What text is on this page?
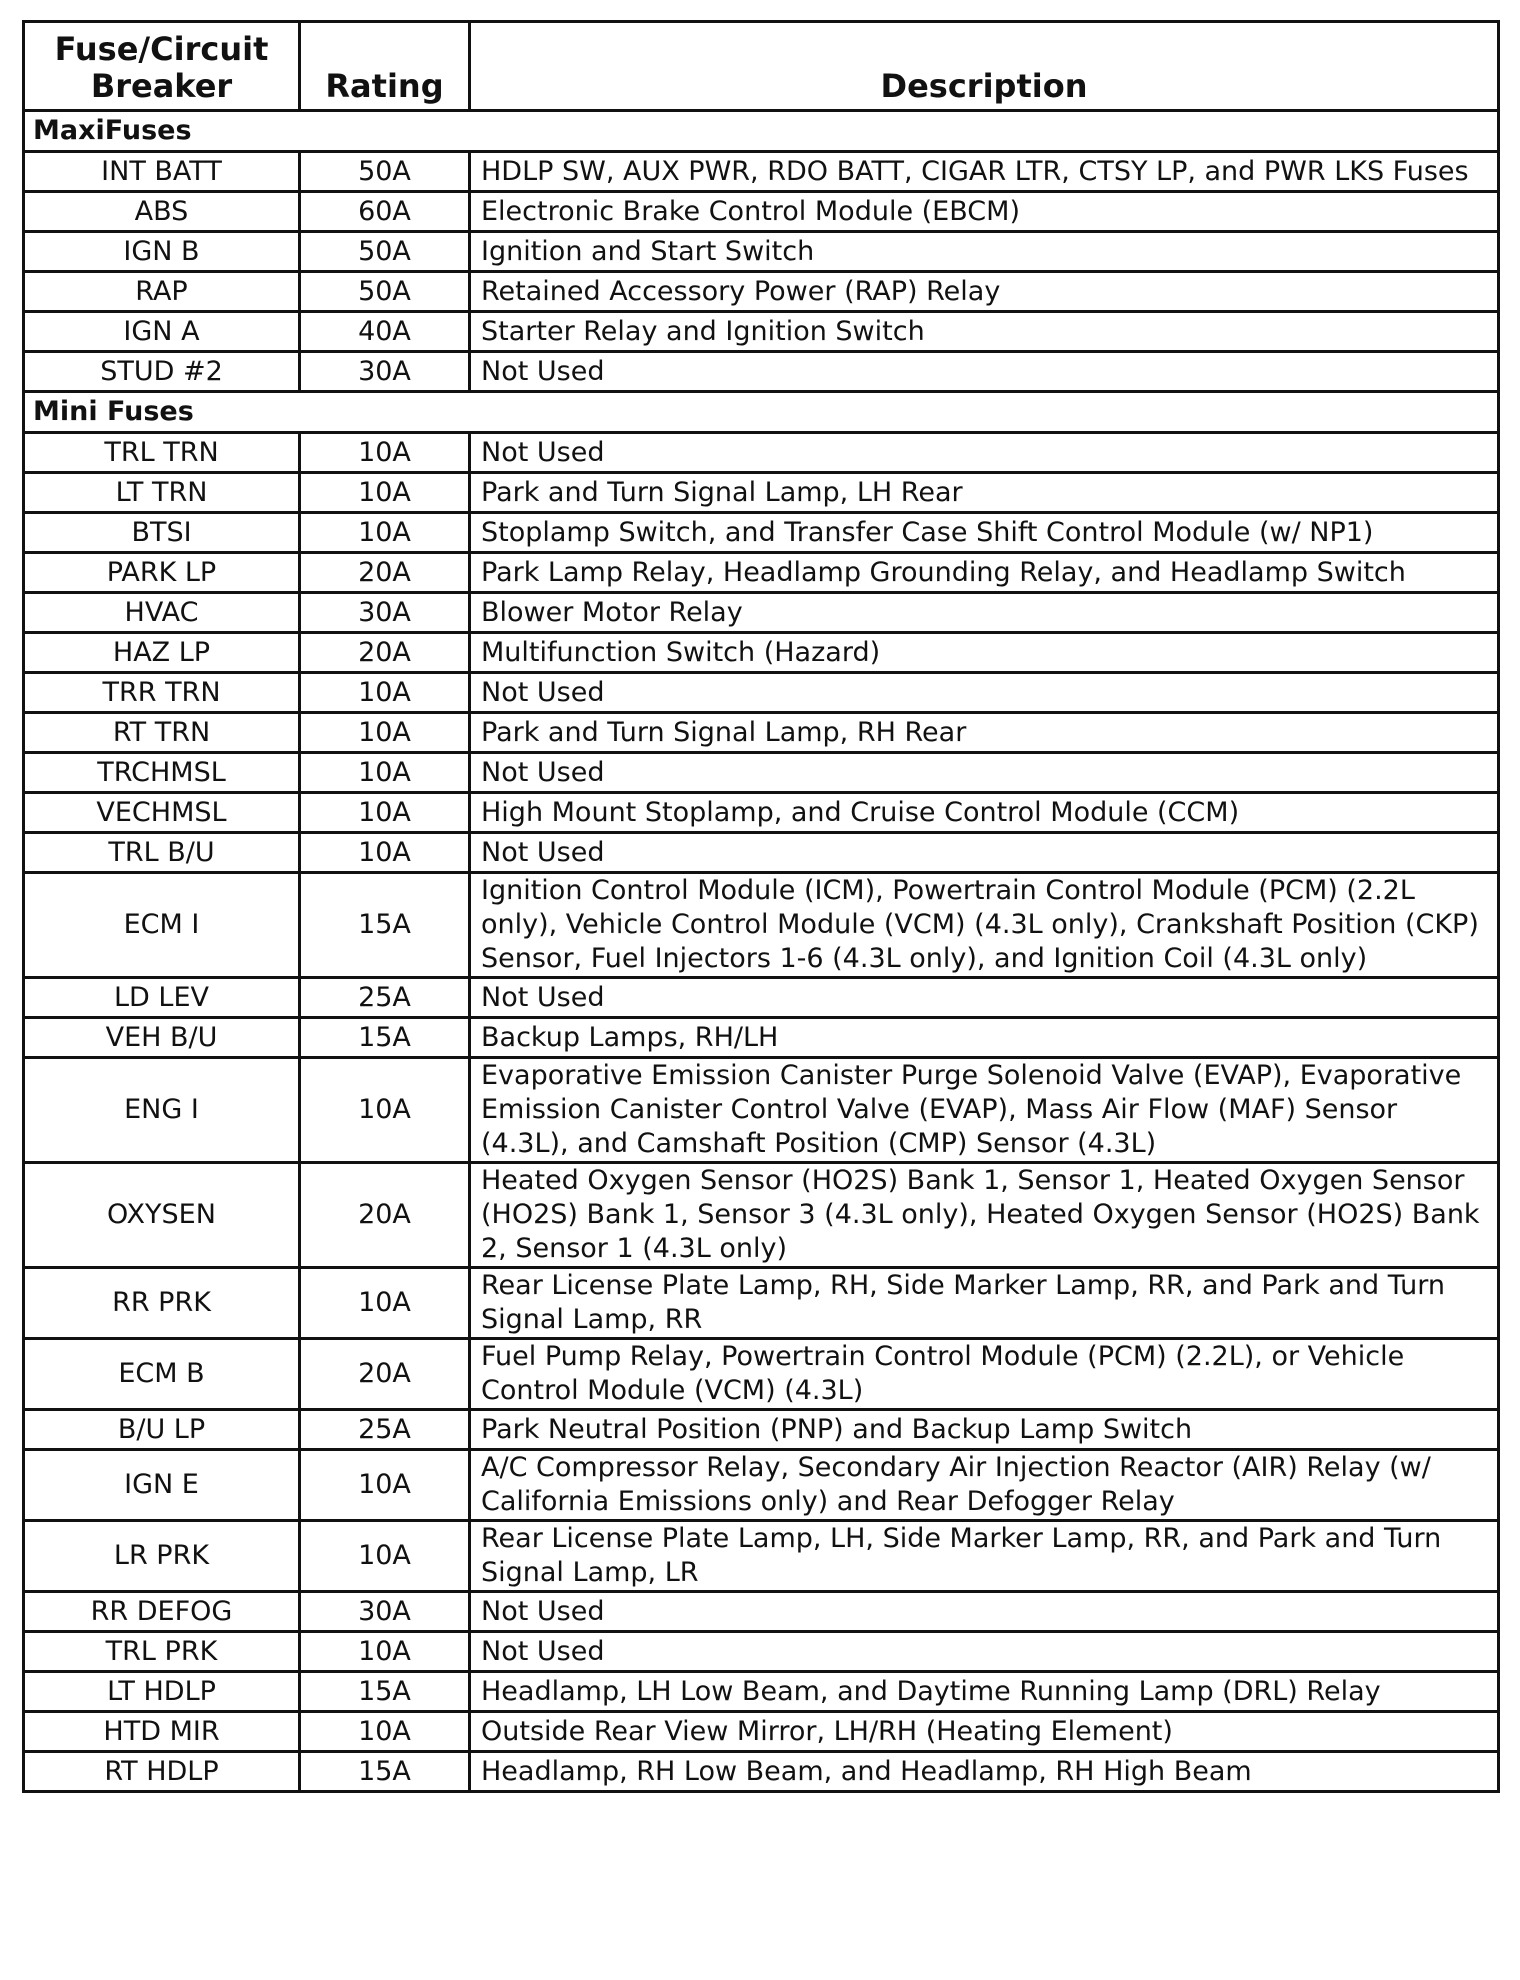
Fuse/Circuit Breaker	Rating	Description
MaxiFuses		
INT BATT	50A	HDLP SW, AUX PWR, RDO BATT, CIGAR LTR, CTSY LP, and PWR LKS Fuses
ABS	60A	Electronic Brake Control Module (EBCM)
IGN B	50A	Ignition and Start Switch
RAP	50A	Retained Accessory Power (RAP) Relay
IGN A	40A	Starter Relay and Ignition Switch
STUD #2	30A	Not Used
Mini Fuses		
TRL TRN	10A	Not Used
LT TRN	10A	Park and Turn Signal Lamp, LH Rear
BTSI	10A	Stoplamp Switch, and Transfer Case Shift Control Module (w/ NP1)
PARK LP	20A	Park Lamp Relay, Headlamp Grounding Relay, and Headlamp Switch
HVAC	30A	Blower Motor Relay
HAZ LP	20A	Multifunction Switch (Hazard)
TRR TRN	10A	Not Used
RT TRN	10A	Park and Turn Signal Lamp, RH Rear
TRCHMSL	10A	Not Used
VECHMSL	10A	High Mount Stoplamp, and Cruise Control Module (CCM)
TRL B/U	10A	Not Used
ECM I	15A	Ignition Control Module (ICM), Powertrain Control Module (PCM) (2.2L only), Vehicle Control Module (VCM) (4.3L only), Crankshaft Position (CKP) Sensor, Fuel Injectors 1-6 (4.3L only), and Ignition Coil (4.3L only)
LD LEV	25A	Not Used
VEH B/U	15A	Backup Lamps, RH/LH
ENG I	10A	Evaporative Emission Canister Purge Solenoid Valve (EVAP), Evaporative Emission Canister Control Valve (EVAP), Mass Air Flow (MAF) Sensor (4.3L), and Camshaft Position (CMP) Sensor (4.3L)
OXYSEN	20A	Heated Oxygen Sensor (HO2S) Bank 1, Sensor 1, Heated Oxygen Sensor (HO2S) Bank 1, Sensor 3 (4.3L only), Heated Oxygen Sensor (HO2S) Bank 2, Sensor 1 (4.3L only)
RR PRK	10A	Rear License Plate Lamp, RH, Side Marker Lamp, RR, and Park and Turn Signal Lamp, RR
ECM B	20A	Fuel Pump Relay, Powertrain Control Module (PCM) (2.2L), or Vehicle Control Module (VCM) (4.3L)
B/U LP	25A	Park Neutral Position (PNP) and Backup Lamp Switch
IGN E	10A	A/C Compressor Relay, Secondary Air Injection Reactor (AIR) Relay (w/ California Emissions only) and Rear Defogger Relay
LR PRK	10A	Rear License Plate Lamp, LH, Side Marker Lamp, RR, and Park and Turn Signal Lamp, LR
RR DEFOG	30A	Not Used
TRL PRK	10A	Not Used
LT HDLP	15A	Headlamp, LH Low Beam, and Daytime Running Lamp (DRL) Relay
HTD MIR	10A	Outside Rear View Mirror, LH/RH (Heating Element)
RT HDLP	15A	Headlamp, RH Low Beam, and Headlamp, RH High Beam
